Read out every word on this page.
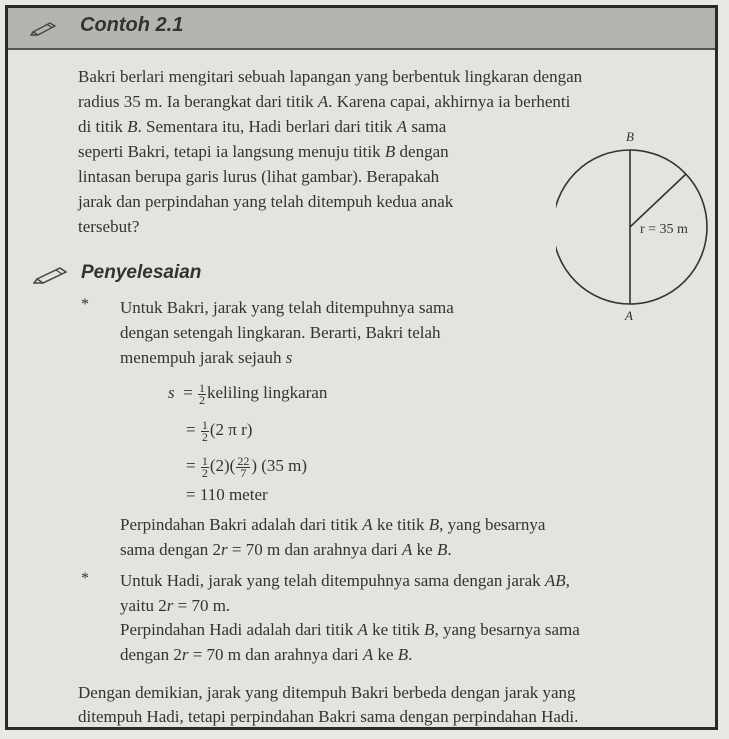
Contoh 2.1

Bakri berlari mengitari sebuah lapangan yang berbentuk lingkaran dengan

radius 35 m. Ia berangkat dari titik A. Karena capai, akhirnya ia berhenti

di titik B. Sementara itu, Hadi berlari dari titik A sama

seperti Bakri, tetapi ia langsung menuju titik B dengan

lintasan berupa garis lurus (lihat gambar). Berapakah

jarak dan perpindahan yang telah ditempuh kedua anak

tersebut?

B
A
r = 35 m
Penyelesaian
* Untuk Bakri, jarak yang telah ditempuhnya sama

dengan setengah lingkaran. Berarti, Bakri telah

menempuh jarak sejauh s

$s = \frac{1}{2}$ keliling lingkaran
= $\frac{1}{2} (2$ π r)
= $\frac{1}{2} (2)( \frac{22}{7}$ ) (35 m)
= 110 meter

Perpindahan Bakri adalah dari titik A ke titik B, yang besarnya

sama dengan 2r = 70 m dan arahnya dari A ke B.

* Untuk Hadi, jarak yang telah ditempuhnya sama dengan jarak AB,

yaitu 2r = 70 m.

Perpindahan Hadi adalah dari titik A ke titik B, yang besarnya sama

dengan 2r = 70 m dan arahnya dari A ke B.

Dengan demikian, jarak yang ditempuh Bakri berbeda dengan jarak yang

ditempuh Hadi, tetapi perpindahan Bakri sama dengan perpindahan Hadi.
